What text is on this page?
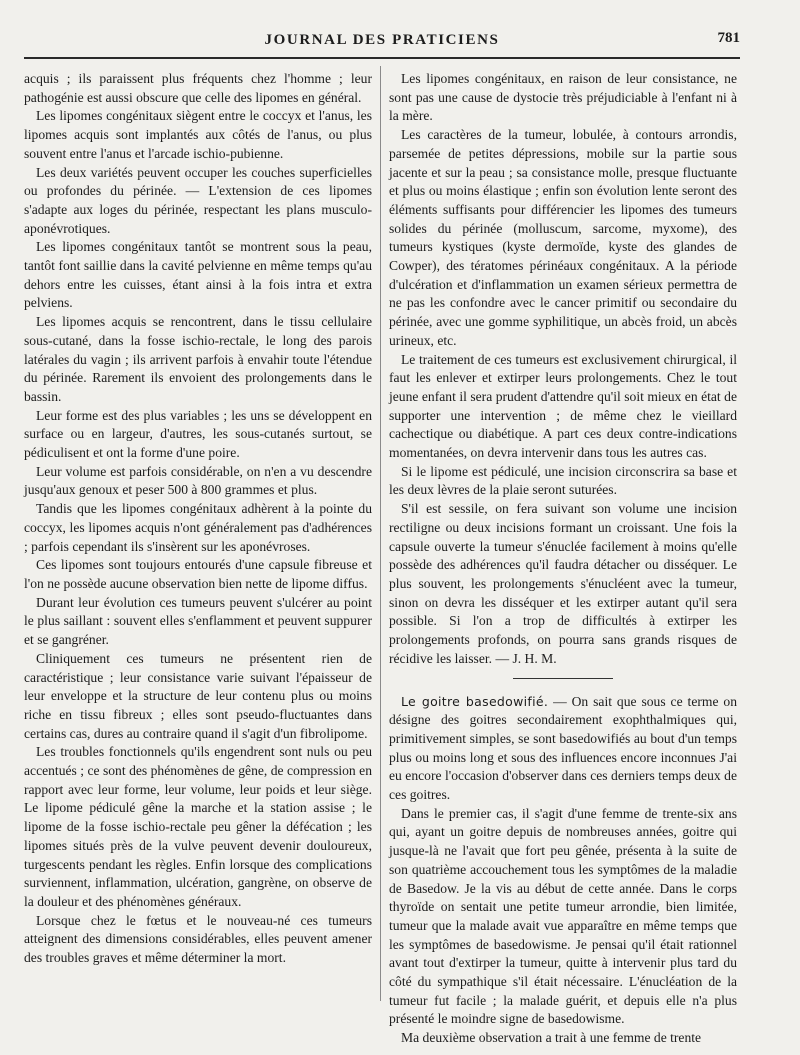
JOURNAL DES PRATICIENS	781

acquis ; ils paraissent plus fréquents chez l'homme ; leur pathogénie est aussi obscure que celle des lipomes en général.

Les lipomes congénitaux siègent entre le coccyx et l'anus, les lipomes acquis sont implantés aux côtés de l'anus, ou plus souvent entre l'anus et l'arcade ischio-pubienne.

Les deux variétés peuvent occuper les couches superficielles ou profondes du périnée. — L'extension de ces lipomes s'adapte aux loges du périnée, respectant les plans musculo-aponévrotiques.

Les lipomes congénitaux tantôt se montrent sous la peau, tantôt font saillie dans la cavité pelvienne en même temps qu'au dehors entre les cuisses, étant ainsi à la fois intra et extra pelviens.

Les lipomes acquis se rencontrent, dans le tissu cellulaire sous-cutané, dans la fosse ischio-rectale, le long des parois latérales du vagin ; ils arrivent parfois à envahir toute l'étendue du périnée. Rarement ils envoient des prolongements dans le bassin.

Leur forme est des plus variables ; les uns se développent en surface ou en largeur, d'autres, les sous-cutanés surtout, se pédiculisent et ont la forme d'une poire.

Leur volume est parfois considérable, on n'en a vu descendre jusqu'aux genoux et peser 500 à 800 grammes et plus.

Tandis que les lipomes congénitaux adhèrent à la pointe du coccyx, les lipomes acquis n'ont généralement pas d'adhérences ; parfois cependant ils s'insèrent sur les aponévroses.

Ces lipomes sont toujours entourés d'une capsule fibreuse et l'on ne possède aucune observation bien nette de lipome diffus.

Durant leur évolution ces tumeurs peuvent s'ulcérer au point le plus saillant : souvent elles s'enflamment et peuvent suppurer et se gangréner.

Cliniquement ces tumeurs ne présentent rien de caractéristique ; leur consistance varie suivant l'épaisseur de leur enveloppe et la structure de leur contenu plus ou moins riche en tissu fibreux ; elles sont pseudo-fluctuantes dans certains cas, dures au contraire quand il s'agit d'un fibrolipome.

Les troubles fonctionnels qu'ils engendrent sont nuls ou peu accentués ; ce sont des phénomènes de gêne, de compression en rapport avec leur forme, leur volume, leur poids et leur siège. Le lipome pédiculé gêne la marche et la station assise ; le lipome de la fosse ischio-rectale peu gêner la défécation ; les lipomes situés près de la vulve peuvent devenir douloureux, turgescents pendant les règles. Enfin lorsque des complications surviennent, inflammation, ulcération, gangrène, on observe de la douleur et des phénomènes généraux.

Lorsque chez le fœtus et le nouveau-né ces tumeurs atteignent des dimensions considérables, elles peuvent amener des troubles graves et même déterminer la mort.

Les lipomes congénitaux, en raison de leur consistance, ne sont pas une cause de dystocie très préjudiciable à l'enfant ni à la mère.

Les caractères de la tumeur, lobulée, à contours arrondis, parsemée de petites dépressions, mobile sur la partie sous jacente et sur la peau ; sa consistance molle, presque fluctuante et plus ou moins élastique ; enfin son évolution lente seront des éléments suffisants pour différencier les lipomes des tumeurs solides du périnée (molluscum, sarcome, myxome), des tumeurs kystiques (kyste dermoïde, kyste des glandes de Cowper), des tératomes périnéaux congénitaux. A la période d'ulcération et d'inflammation un examen sérieux permettra de ne pas les confondre avec le cancer primitif ou secondaire du périnée, avec une gomme syphilitique, un abcès froid, un abcès urineux, etc.

Le traitement de ces tumeurs est exclusivement chirurgical, il faut les enlever et extirper leurs prolongements. Chez le tout jeune enfant il sera prudent d'attendre qu'il soit mieux en état de supporter une intervention ; de même chez le vieillard cachectique ou diabétique. A part ces deux contre-indications momentanées, on devra intervenir dans tous les autres cas.

Si le lipome est pédiculé, une incision circonscrira sa base et les deux lèvres de la plaie seront suturées.

S'il est sessile, on fera suivant son volume une incision rectiligne ou deux incisions formant un croissant. Une fois la capsule ouverte la tumeur s'énuclée facilement à moins qu'elle possède des adhérences qu'il faudra détacher ou disséquer. Le plus souvent, les prolongements s'énucléent avec la tumeur, sinon on devra les disséquer et les extirper autant qu'il sera possible. Si l'on a trop de difficultés à extirper les prolongements profonds, on pourra sans grands risques de récidive les laisser. — J. H. M.

Le goitre basedowifié. — On sait que sous ce terme on désigne des goitres secondairement exophthalmiques qui, primitivement simples, se sont basedowifiés au bout d'un temps plus ou moins long et sous des influences encore inconnues J'ai eu encore l'occasion d'observer dans ces derniers temps deux de ces goitres.

Dans le premier cas, il s'agit d'une femme de trente-six ans qui, ayant un goitre depuis de nombreuses années, goitre qui jusque-là ne l'avait que fort peu gênée, présenta à la suite de son quatrième accouchement tous les symptômes de la maladie de Basedow. Je la vis au début de cette année. Dans le corps thyroïde on sentait une petite tumeur arrondie, bien limitée, tumeur que la malade avait vue apparaître en même temps que les symptômes de basedowisme. Je pensai qu'il était rationnel avant tout d'extirper la tumeur, quitte à intervenir plus tard du côté du sympathique s'il était nécessaire. L'énucléation de la tumeur fut facile ; la malade guérit, et depuis elle n'a plus présenté le moindre signe de basedowisme.

Ma deuxième observation a trait à une femme de trente
